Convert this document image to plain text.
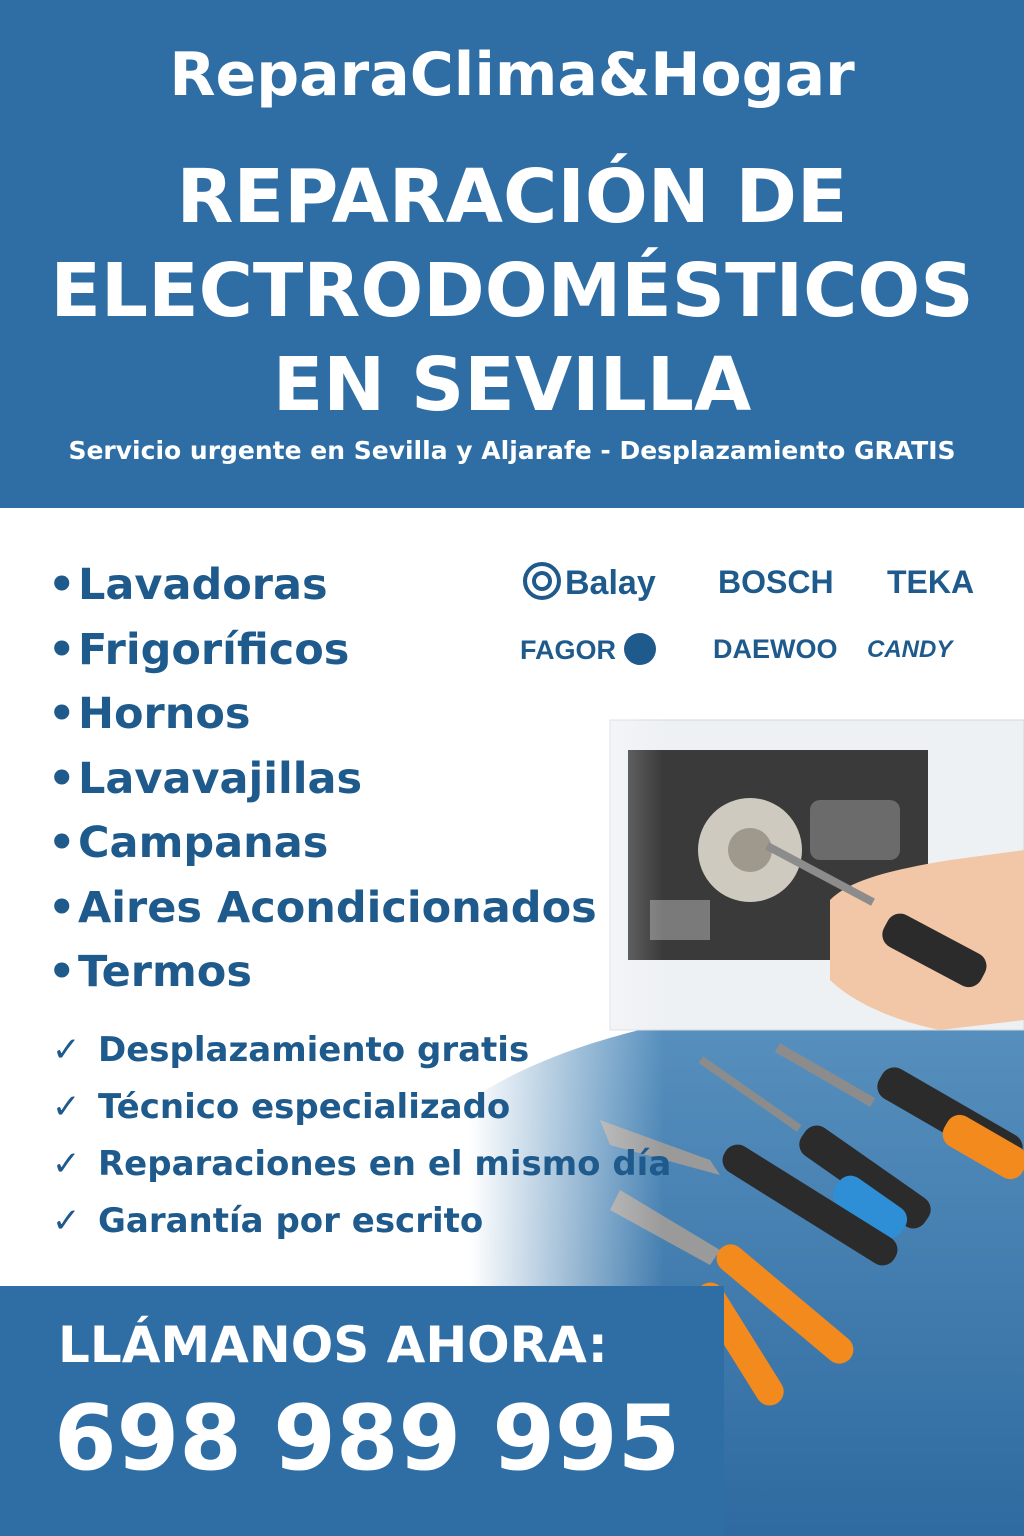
ReparaClima&Hogar
REPARACIÓN DE
ELECTRODOMÉSTICOS
EN SEVILLA
Servicio urgente en Sevilla y Aljarafe - Desplazamiento GRATIS
Balay BOSCH TEKA
FAGOR	DAEWOO CANDY
•Lavadoras
•Frigoríficos
•Hornos
•Lavavajillas
•Campanas
•Aires Acondicionados
•Termos
✓ Desplazamiento gratis
✓ Técnico especializado
✓ Reparaciones en el mismo día
✓ Garantía por escrito
LLÁMANOS AHORA:
698 989 995
